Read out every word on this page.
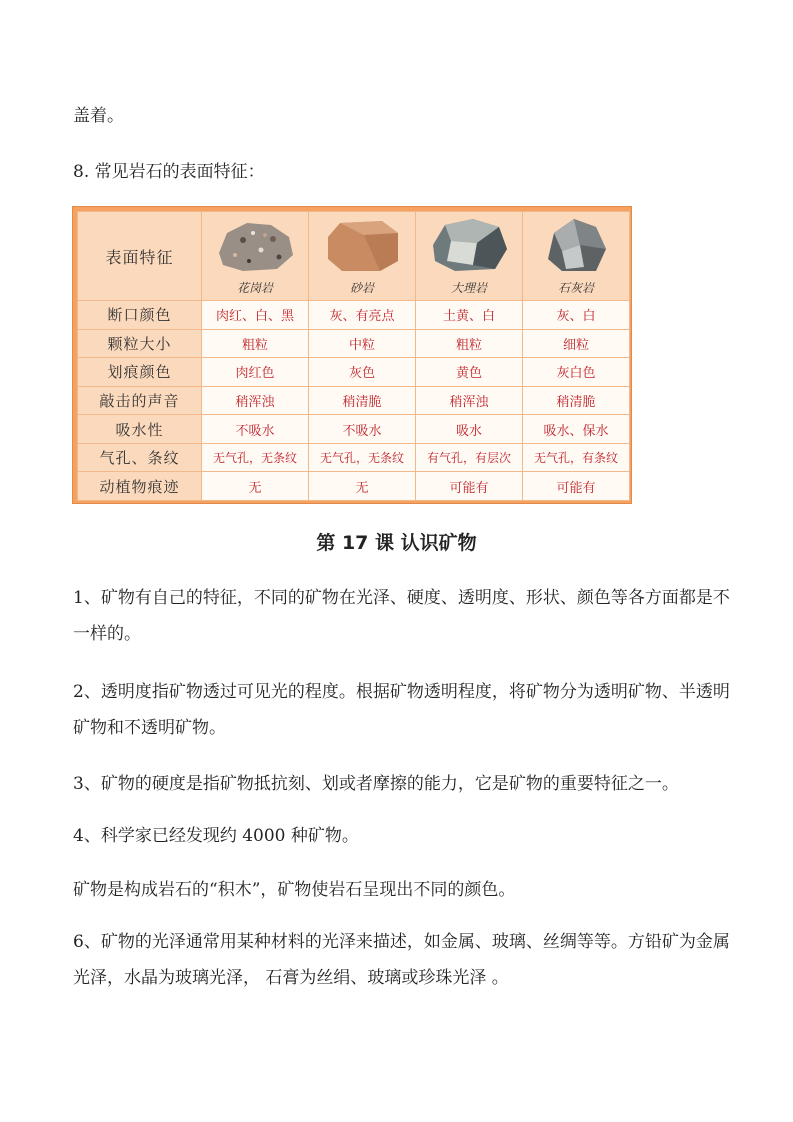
盖着。

8. 常见岩石的表面特征：

表面特征	花岗岩	砂岩	大理岩	石灰岩

断口颜色	肉红、白、黑	灰、有亮点	土黄、白	灰、白
颗粒大小	粗粒	中粒	粗粒	细粒
划痕颜色	肉红色	灰色	黄色	灰白色
敲击的声音	稍浑浊	稍清脆	稍浑浊	稍清脆
吸水性	不吸水	不吸水	吸水	吸水、保水
气孔、条纹	无气孔，无条纹	无气孔，无条纹	有气孔，有层次	无气孔，有条纹
动植物痕迹	无	无	可能有	可能有
第 17 课 认识矿物

1、矿物有自己的特征，不同的矿物在光泽、硬度、透明度、形状、颜色等各方面都是不一样的。

2、透明度指矿物透过可见光的程度。根据矿物透明程度，将矿物分为透明矿物、半透明矿物和不透明矿物。

3、矿物的硬度是指矿物抵抗刻、划或者摩擦的能力，它是矿物的重要特征之一。

4、科学家已经发现约 4000 种矿物。

矿物是构成岩石的“积木”，矿物使岩石呈现出不同的颜色。

6、矿物的光泽通常用某种材料的光泽来描述，如金属、玻璃、丝绸等等。方铅矿为金属光泽，水晶为玻璃光泽， 石膏为丝绢、玻璃或珍珠光泽 。
